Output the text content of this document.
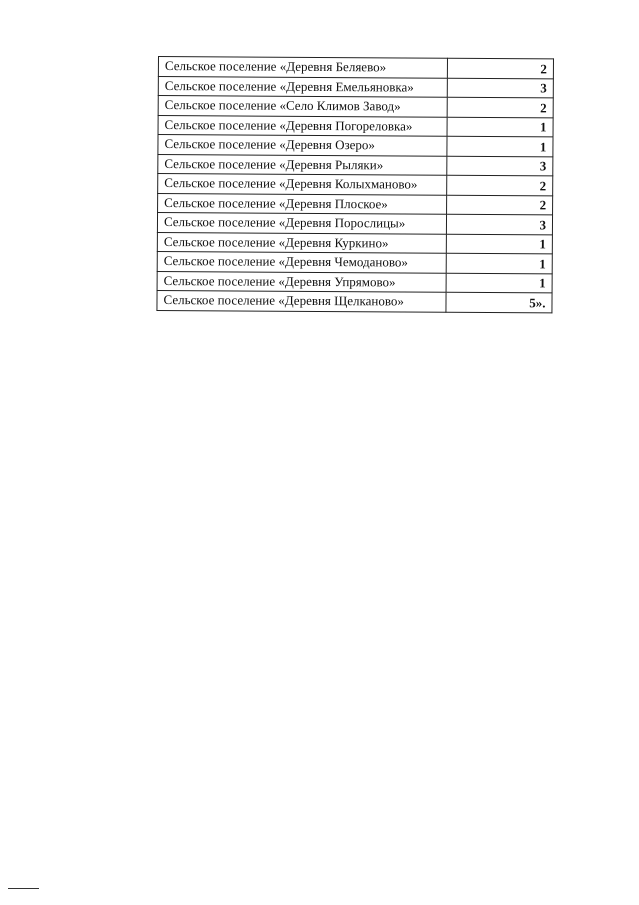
Сельское поселение «Деревня Беляево»	2
Сельское поселение «Деревня Емельяновка»	3
Сельское поселение «Село Климов Завод»	2
Сельское поселение «Деревня Погореловка»	1
Сельское поселение «Деревня Озеро»	1
Сельское поселение «Деревня Рыляки»	3
Сельское поселение «Деревня Колыхманово»	2
Сельское поселение «Деревня Плоское»	2
Сельское поселение «Деревня Порослицы»	3
Сельское поселение «Деревня Куркино»	1
Сельское поселение «Деревня Чемоданово»	1
Сельское поселение «Деревня Упрямово»	1
Сельское поселение «Деревня Щелканово»	5».
